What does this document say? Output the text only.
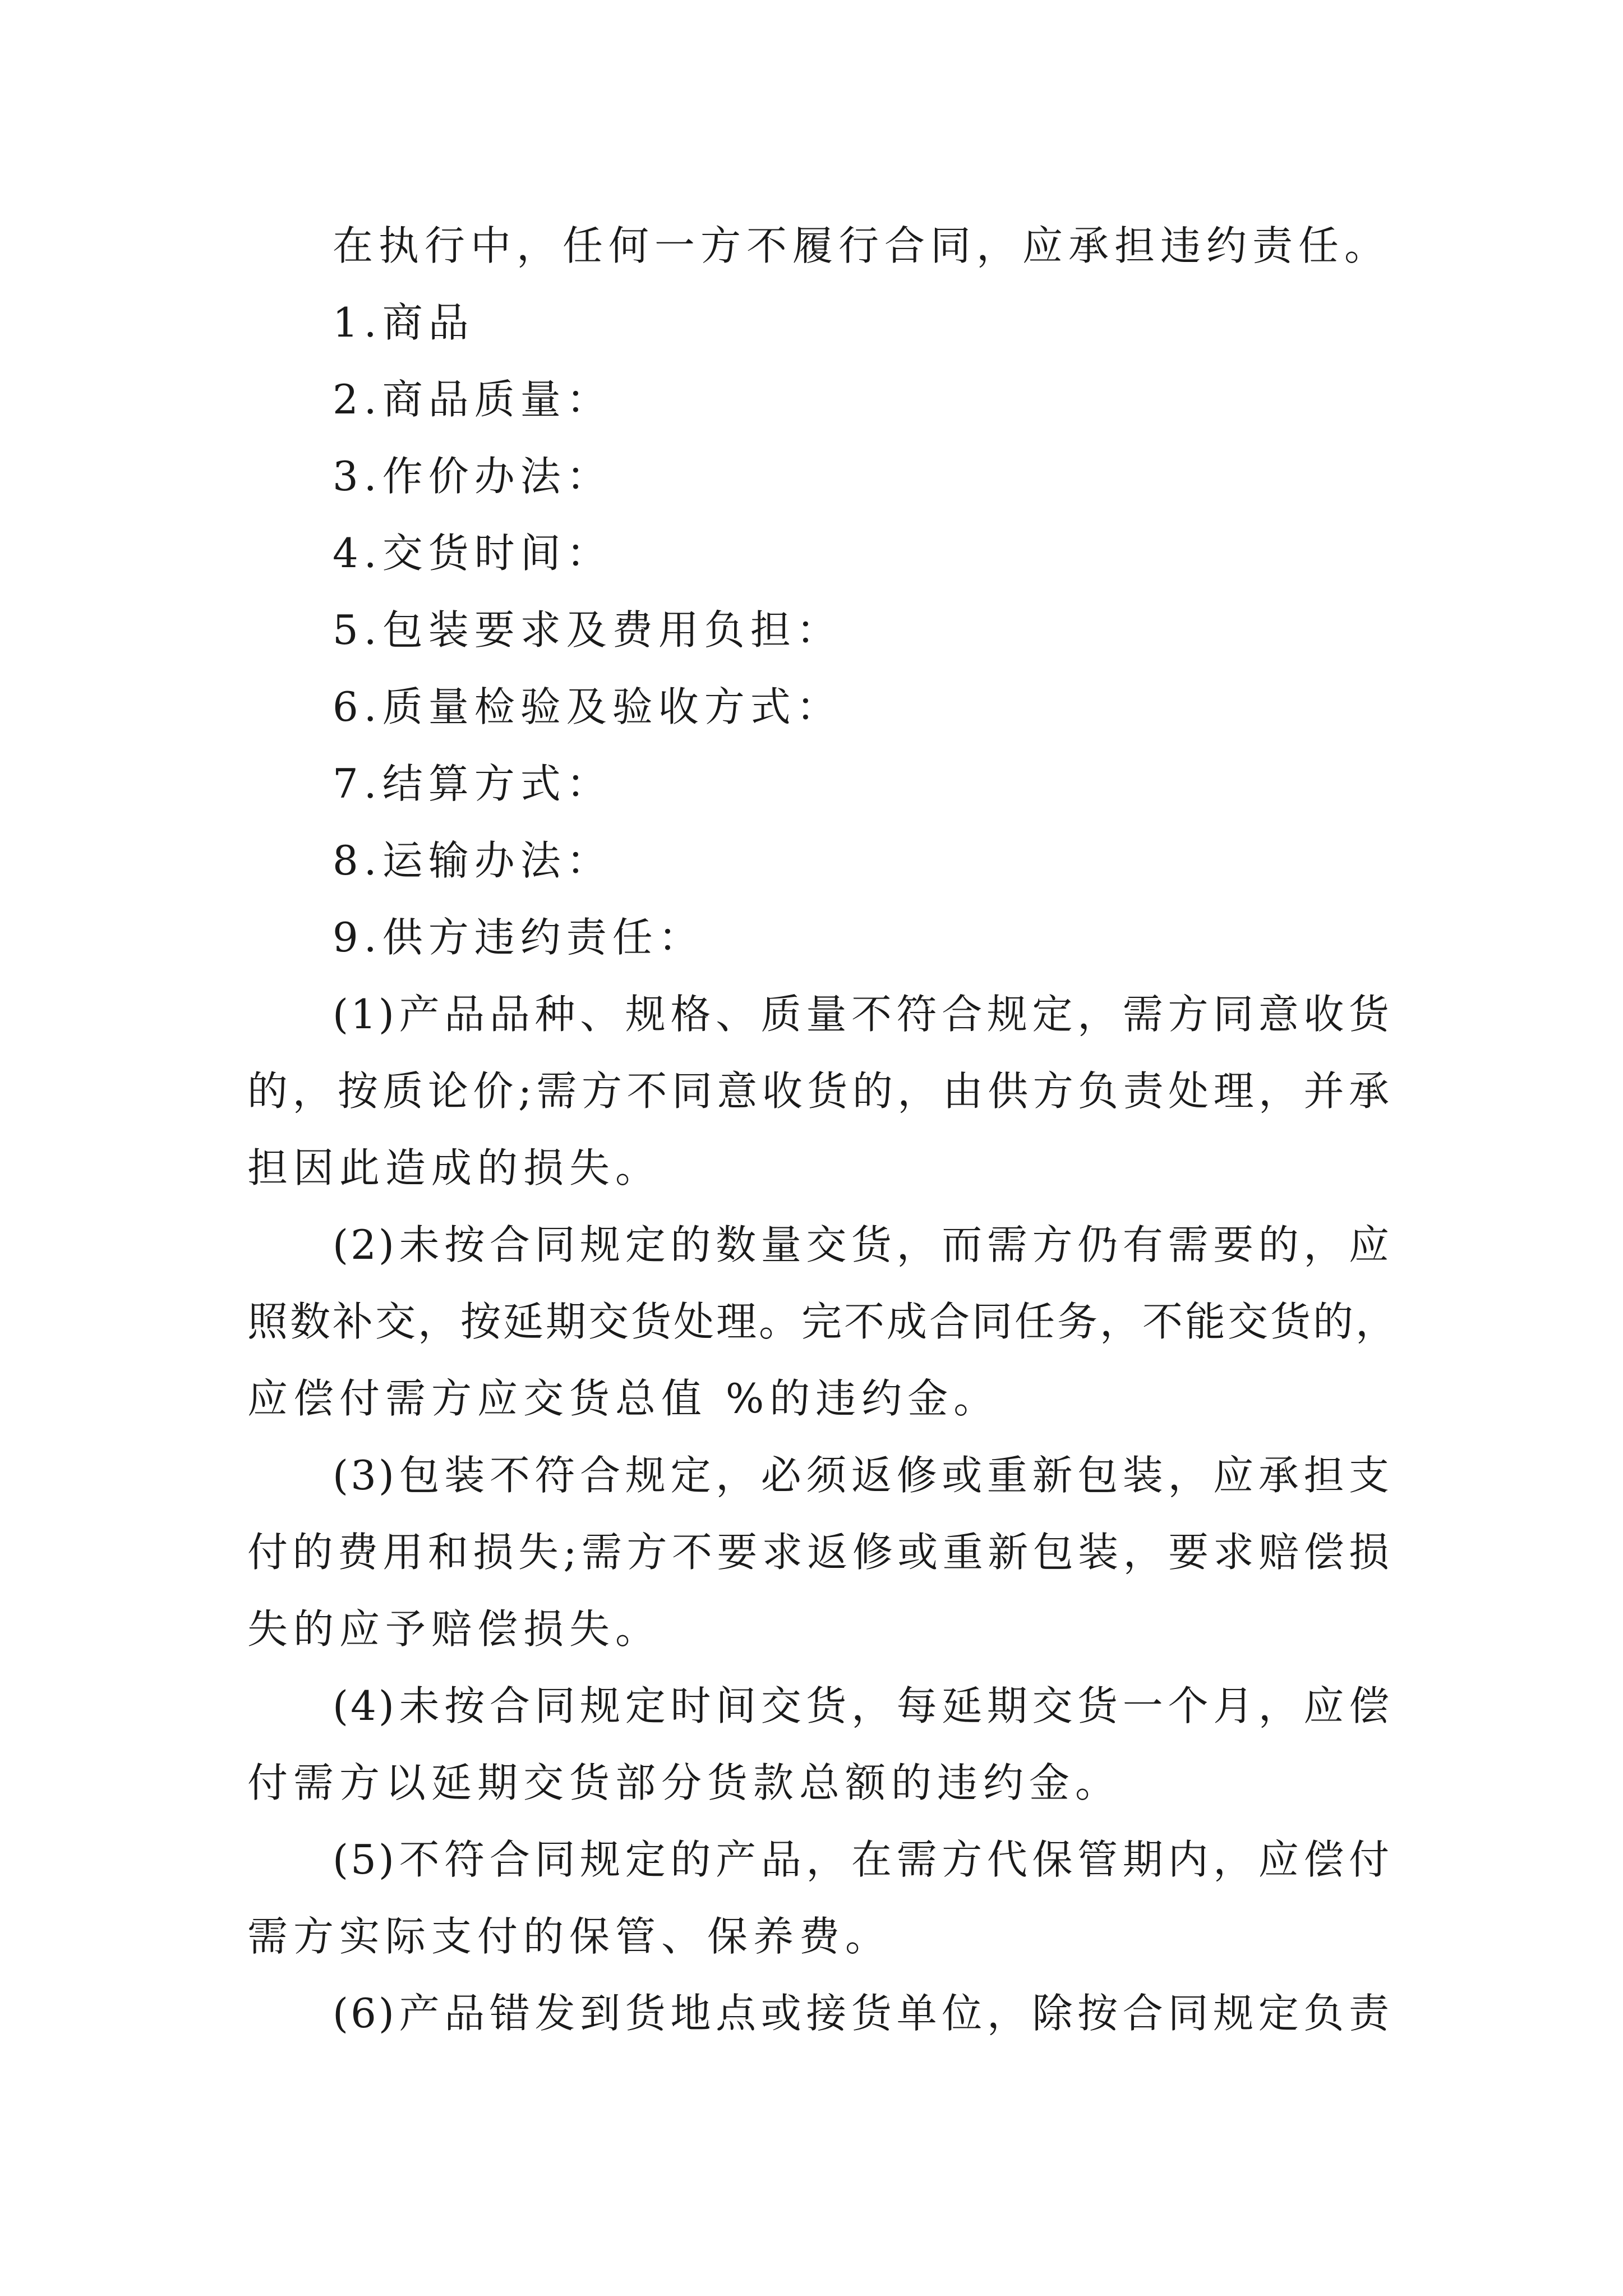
在执行中，任何一方不履行合同，应承担违约责任。
1.商品
2.商品质量：
3.作价办法：
4.交货时间：
5.包装要求及费用负担：
6.质量检验及验收方式：
7.结算方式：
8.运输办法：
9.供方违约责任：
(1)产品品种、规格、质量不符合规定，需方同意收货
的，按质论价;需方不同意收货的，由供方负责处理，并承
担因此造成的损失。
(2)未按合同规定的数量交货，而需方仍有需要的，应
照数补交，按延期交货处理。完不成合同任务，不能交货的，
应偿付需方应交货总值 %的违约金。
(3)包装不符合规定，必须返修或重新包装，应承担支
付的费用和损失;需方不要求返修或重新包装，要求赔偿损
失的应予赔偿损失。
(4)未按合同规定时间交货，每延期交货一个月，应偿
付需方以延期交货部分货款总额的违约金。
(5)不符合同规定的产品，在需方代保管期内，应偿付
需方实际支付的保管、保养费。
(6)产品错发到货地点或接货单位，除按合同规定负责
